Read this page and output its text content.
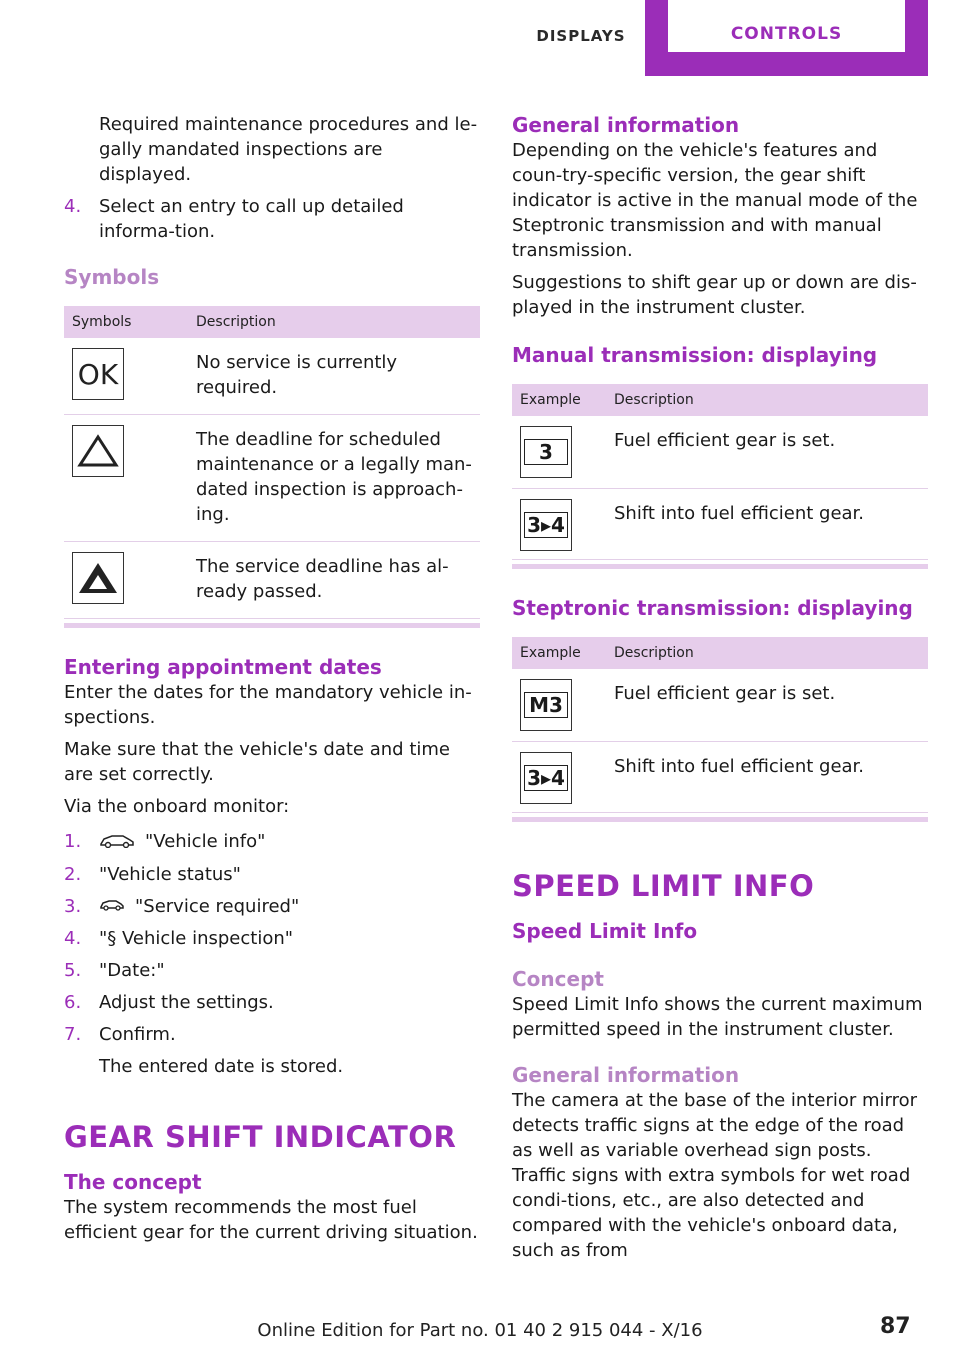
DISPLAYS	CONTROLS

Required maintenance procedures and le‐gally mandated inspections are displayed.

4. Select an entry to call up detailed informa‐tion.
Symbols
Symbols	Description

OK	No service is currently required.

	The deadline for scheduled maintenance or a legally man‐dated inspection is approach‐ing.

	The service deadline has al‐ready passed.
Entering appointment dates

Enter the dates for the mandatory vehicle in‐spections.

Make sure that the vehicle's date and time are set correctly.

Via the onboard monitor:

1.	"Vehicle info"
2. "Vehicle status"
3.	"Service required"
4. "§ Vehicle inspection"
5. "Date:"
6. Adjust the settings.
7. Confirm.

The entered date is stored.

GEAR SHIFT INDICATOR
The concept

The system recommends the most fuel efficient gear for the current driving situation.

General information

Depending on the vehicle's features and coun‐try-specific version, the gear shift indicator is active in the manual mode of the Steptronic transmission and with manual transmission.

Suggestions to shift gear up or down are dis‐played in the instrument cluster.

Manual transmission: displaying
Example	Description

3	Fuel efficient gear is set.

3▸4	Shift into fuel efficient gear.
Steptronic transmission: displaying
Example	Description

M3	Fuel efficient gear is set.

3▸4	Shift into fuel efficient gear.
SPEED LIMIT INFO
Speed Limit Info
Concept

Speed Limit Info shows the current maximum permitted speed in the instrument cluster.

General information

The camera at the base of the interior mirror detects traffic signs at the edge of the road as well as variable overhead sign posts. Traffic signs with extra symbols for wet road condi‐tions, etc., are also detected and compared with the vehicle's onboard data, such as from

Online Edition for Part no. 01 40 2 915 044 - X/16	87
